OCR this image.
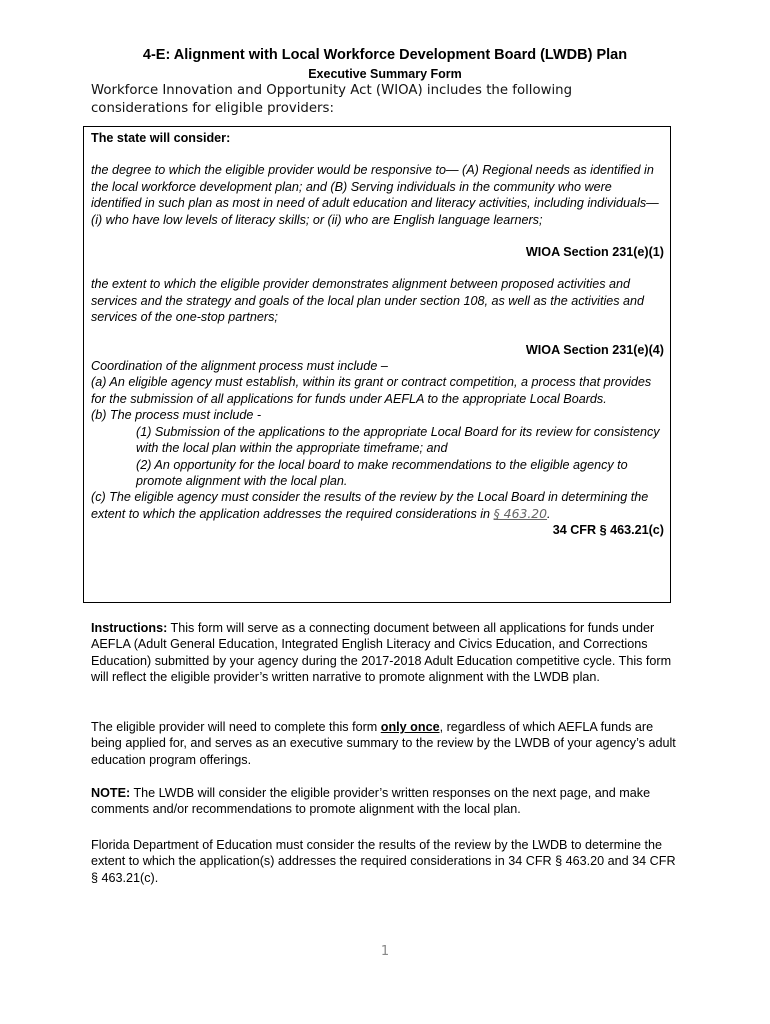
4-E: Alignment with Local Workforce Development Board (LWDB) Plan
Executive Summary Form
Workforce Innovation and Opportunity Act (WIOA) includes the following considerations for eligible providers:

The state will consider:

the degree to which the eligible provider would be responsive to— (A) Regional needs as identified in the local workforce development plan; and (B) Serving individuals in the community who were identified in such plan as most in need of adult education and literacy activities, including individuals— (i) who have low levels of literacy skills; or (ii) who are English language learners;

WIOA Section 231(e)(1)

the extent to which the eligible provider demonstrates alignment between proposed activities and services and the strategy and goals of the local plan under section 108, as well as the activities and services of the one-stop partners;

WIOA Section 231(e)(4)

Coordination of the alignment process must include –

(a) An eligible agency must establish, within its grant or contract competition, a process that provides for the submission of all applications for funds under AEFLA to the appropriate Local Boards.

(b) The process must include -

(1) Submission of the applications to the appropriate Local Board for its review for consistency with the local plan within the appropriate timeframe; and

(2) An opportunity for the local board to make recommendations to the eligible agency to promote alignment with the local plan.

(c) The eligible agency must consider the results of the review by the Local Board in determining the extent to which the application addresses the required considerations in § 463.20.

34 CFR § 463.21(c)

Instructions: This form will serve as a connecting document between all applications for funds under AEFLA (Adult General Education, Integrated English Literacy and Civics Education, and Corrections Education) submitted by your agency during the 2017-2018 Adult Education competitive cycle. This form will reflect the eligible provider’s written narrative to promote alignment with the LWDB plan.

The eligible provider will need to complete this form only once, regardless of which AEFLA funds are being applied for, and serves as an executive summary to the review by the LWDB of your agency’s adult education program offerings.

NOTE: The LWDB will consider the eligible provider’s written responses on the next page, and make comments and/or recommendations to promote alignment with the local plan.

Florida Department of Education must consider the results of the review by the LWDB to determine the extent to which the application(s) addresses the required considerations in 34 CFR § 463.20 and 34 CFR § 463.21(c).

1
